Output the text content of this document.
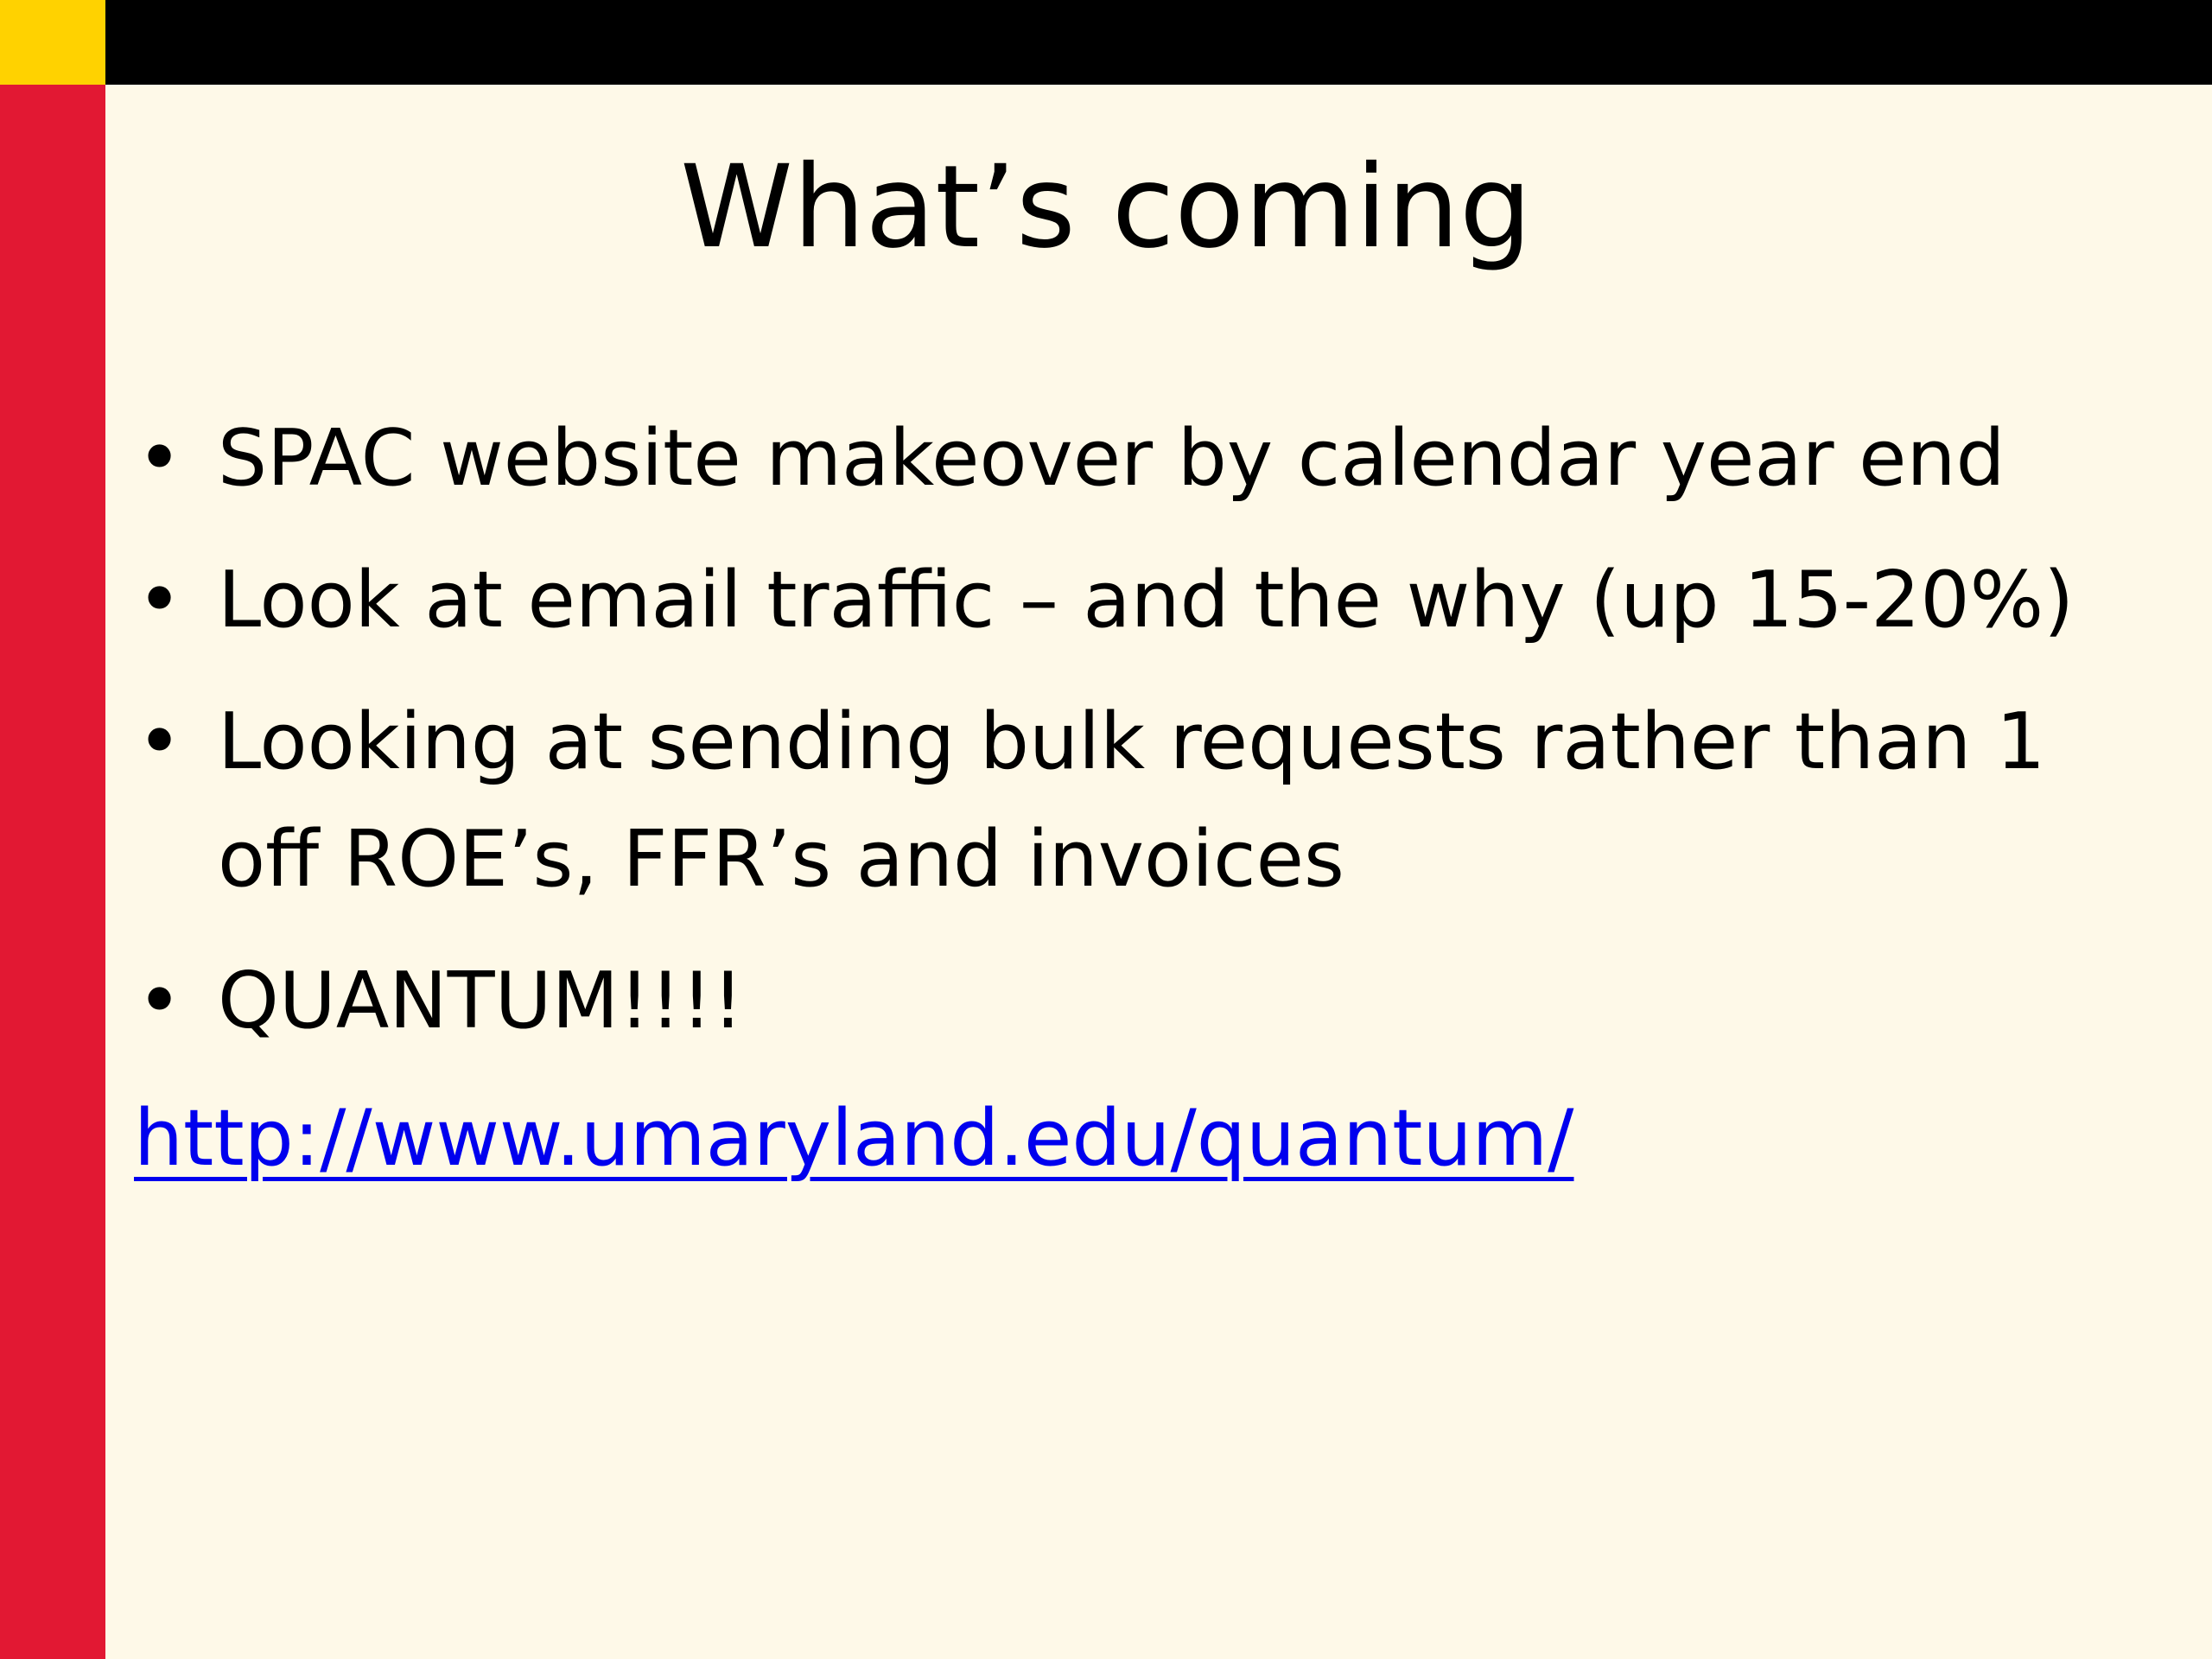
What’s coming
• SPAC website makeover by calendar year end
• Look at email traffic – and the why (up 15-20%)
• Looking at sending bulk requests rather than 1 off ROE’s, FFR’s and invoices
• QUANTUM!!!!
http://www.umaryland.edu/quantum/
